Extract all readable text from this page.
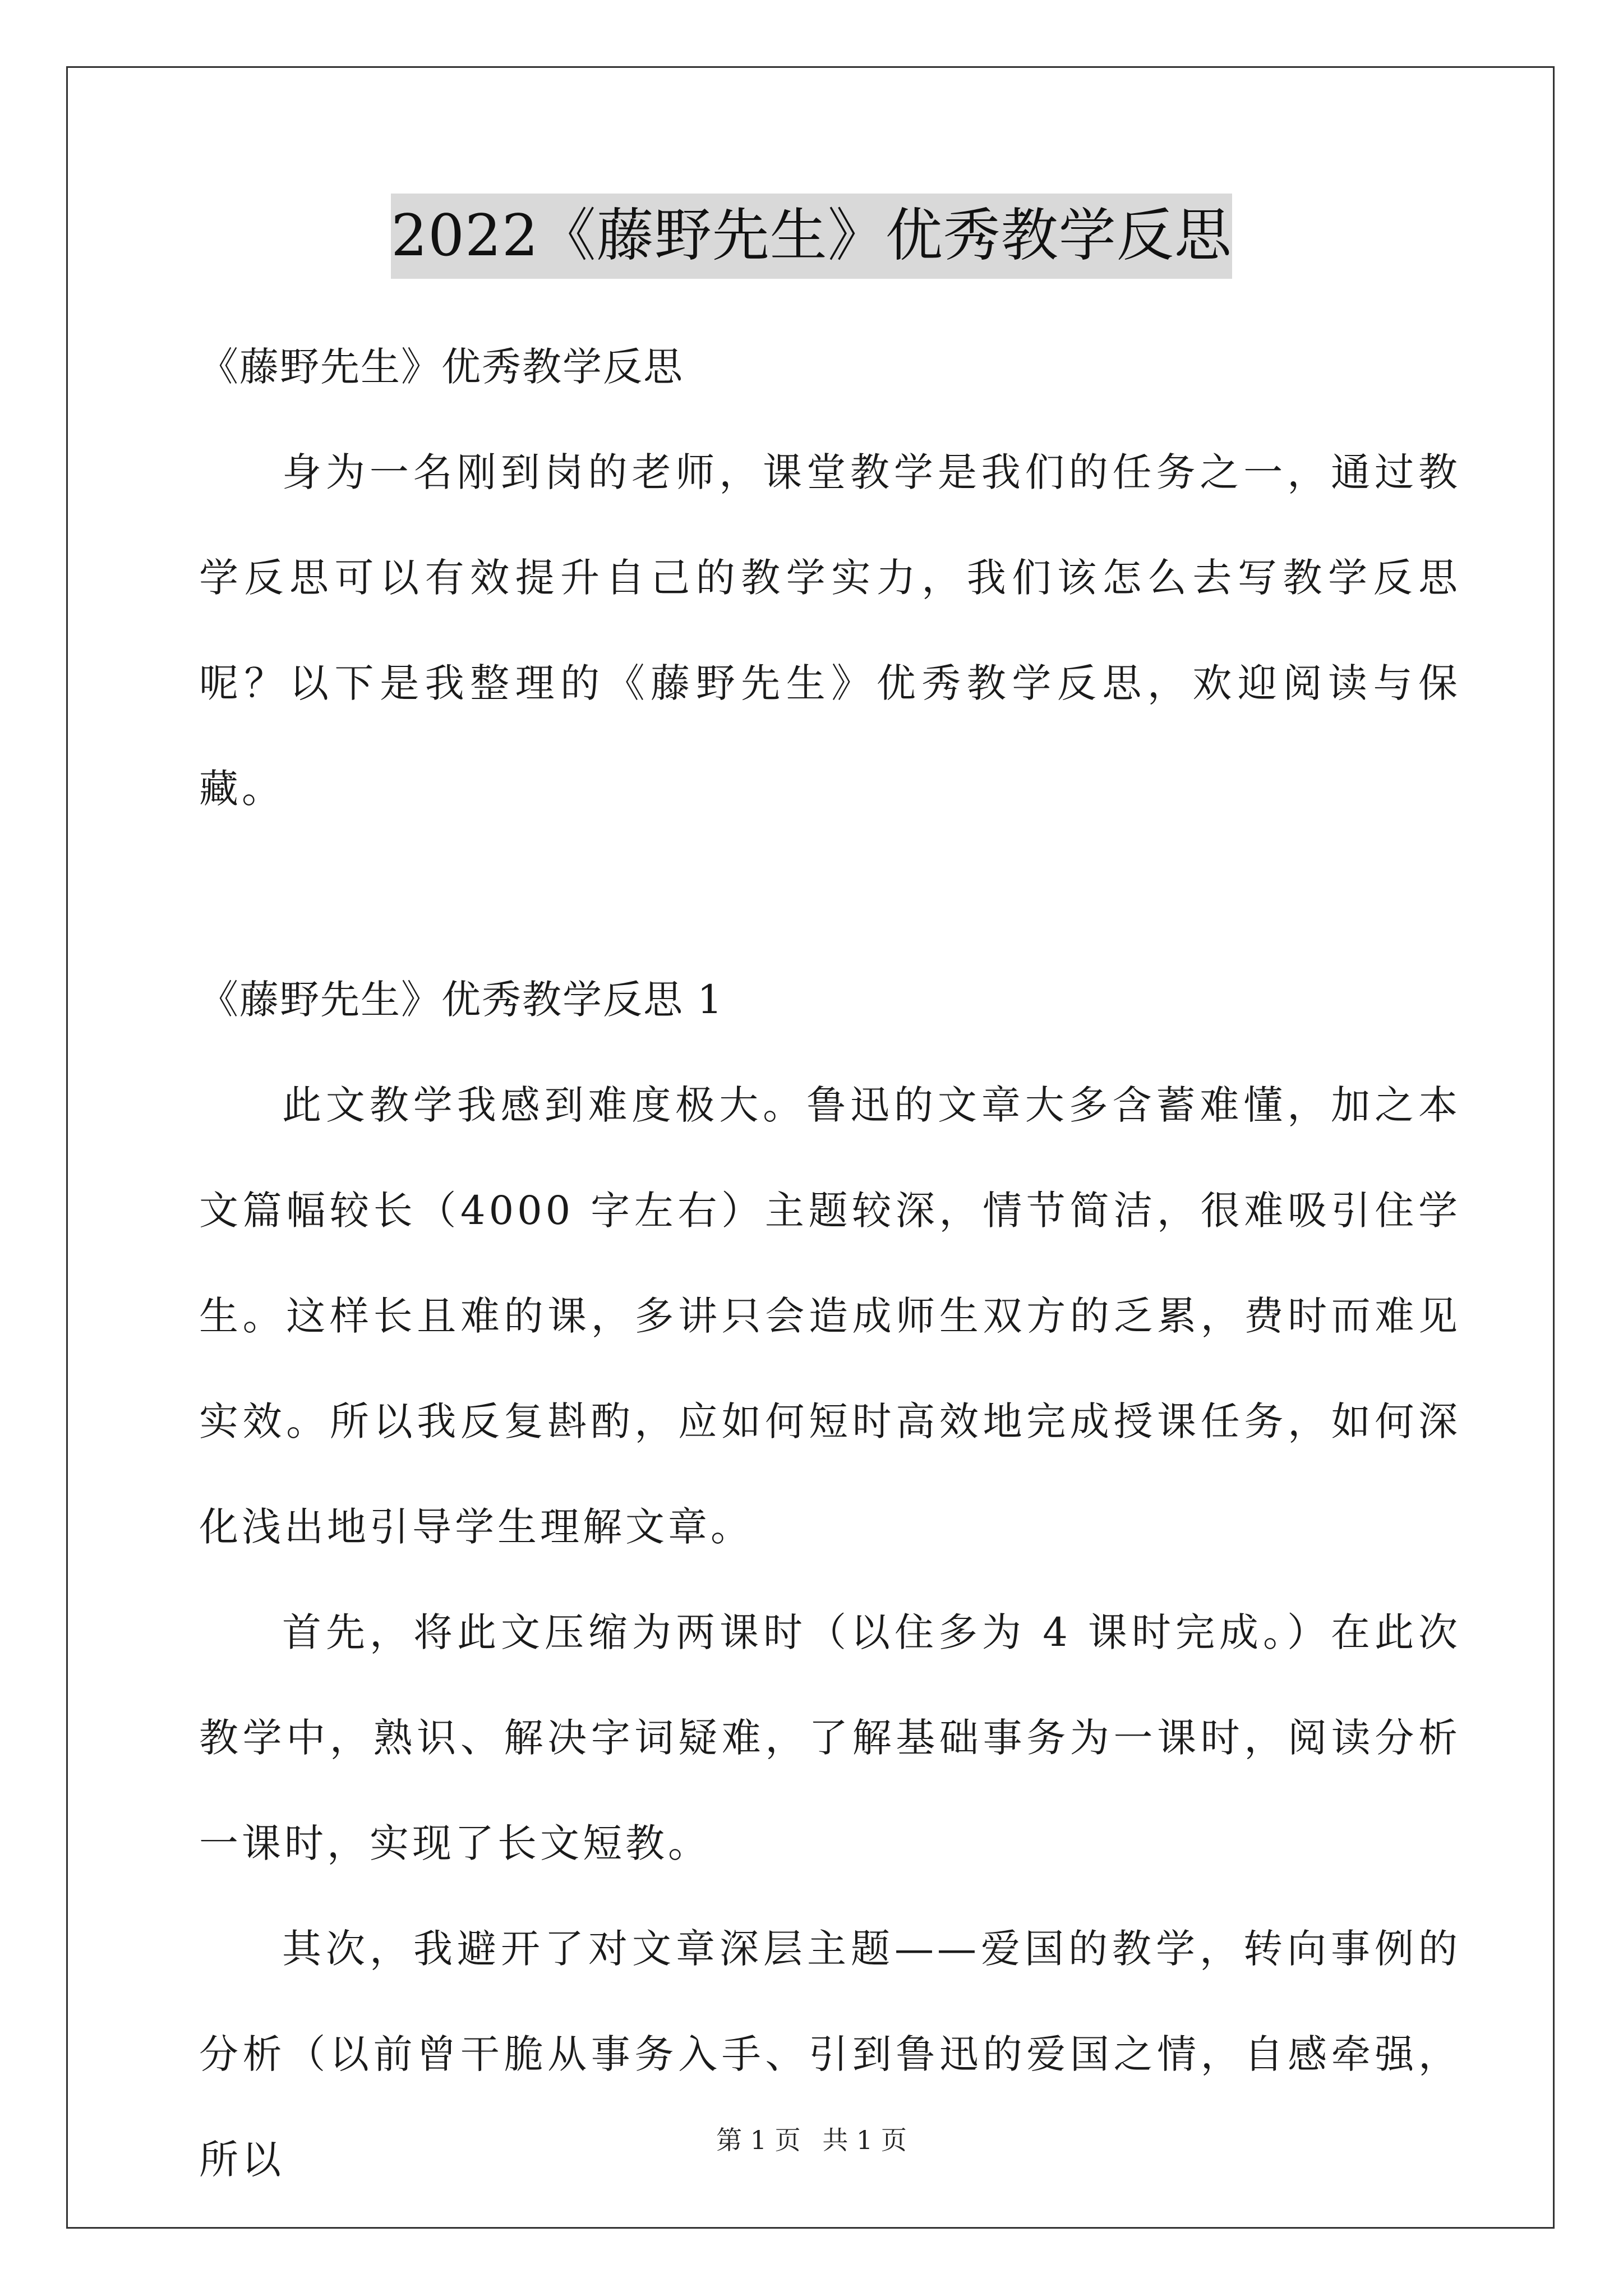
2022《藤野先生》优秀教学反思

《藤野先生》优秀教学反思

身为一名刚到岗的老师，课堂教学是我们的任务之一，通过教学反思可以有效提升自己的教学实力，我们该怎么去写教学反思呢？以下是我整理的《藤野先生》优秀教学反思，欢迎阅读与保藏。

《藤野先生》优秀教学反思 1

此文教学我感到难度极大。鲁迅的文章大多含蓄难懂，加之本文篇幅较长（4000 字左右）主题较深，情节简洁，很难吸引住学生。这样长且难的课，多讲只会造成师生双方的乏累，费时而难见实效。所以我反复斟酌，应如何短时高效地完成授课任务，如何深化浅出地引导学生理解文章。

首先，将此文压缩为两课时（以住多为 4 课时完成。）在此次教学中，熟识、解决字词疑难，了解基础事务为一课时，阅读分析一课时，实现了长文短教。

其次，我避开了对文章深层主题——爱国的教学，转向事例的分析（以前曾干脆从事务入手、引到鲁迅的爱国之情，自感牵强，所以	第 1 页 共 1 页
